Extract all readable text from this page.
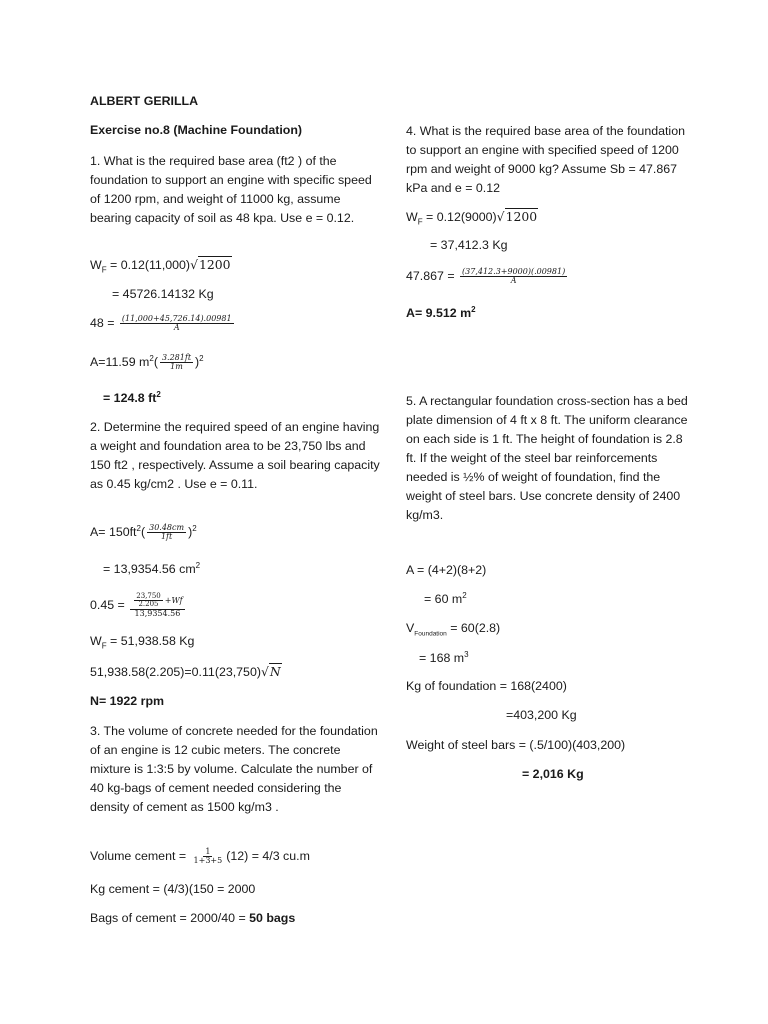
ALBERT GERILLA
Exercise no.8 (Machine Foundation)
1. What is the required base area (ft2 ) of the foundation to support an engine with specific speed of 1200 rpm, and weight of 11000 kg, assume bearing capacity of soil as 48 kpa. Use e = 0.12.
$W_F = 0.12(11,000)√1200$
= 45726.14132 Kg
$48 = \frac{(11,000+45,726.14).00981}{A}$
A=11.59 $m^2( \frac{3.281ft}{1m} )^2$
= 124.8 $ft^2$
2. Determine the required speed of an engine having a weight and foundation area to be 23,750 lbs and 150 ft2 , respectively. Assume a soil bearing capacity as 0.45 kg/cm2 . Use e = 0.11.
$A= 150ft^2( \frac{30.48cm}{1ft} )^2$
= 13,9354.56 $cm^2$
$0.45 = \frac{\frac{23,750}{2.205} +Wf}{13,9354.56}$
$W_F = 51,938.58$ Kg
51,938.58(2.205)=0.11(23,750)√N
N= 1922 rpm
3. The volume of concrete needed for the foundation of an engine is 12 cubic meters. The concrete mixture is 1:3:5 by volume. Calculate the number of 40 kg-bags of cement needed considering the density of cement as 1500 kg/m3 .
Volume cement = $\frac{1}{1+3+5} (12) = 4/3$ cu.m
Kg cement = (4/3)(150 = 2000
Bags of cement = 2000/40 = 50 bags
4. What is the required base area of the foundation to support an engine with specified speed of 1200 rpm and weight of 9000 kg? Assume Sb = 47.867 kPa and e = 0.12
$W_F = 0.12(9000)√1200$
= 37,412.3 Kg
$47.867 = \frac{(37,412.3+9000)(.00981)}{A}$
A= 9.512 $m^2$
5. A rectangular foundation cross-section has a bed plate dimension of 4 ft x 8 ft. The uniform clearance on each side is 1 ft. The height of foundation is 2.8 ft. If the weight of the steel bar reinforcements needed is ½% of weight of foundation, find the weight of steel bars. Use concrete density of 2400 kg/m3.
A = (4+2)(8+2)
= 60 $m^2$
$V_{Foundation} = 60(2.8)$
= 168 $m^3$
Kg of foundation = 168(2400)
=403,200 Kg
Weight of steel bars = (.5/100)(403,200)
= 2,016 Kg
